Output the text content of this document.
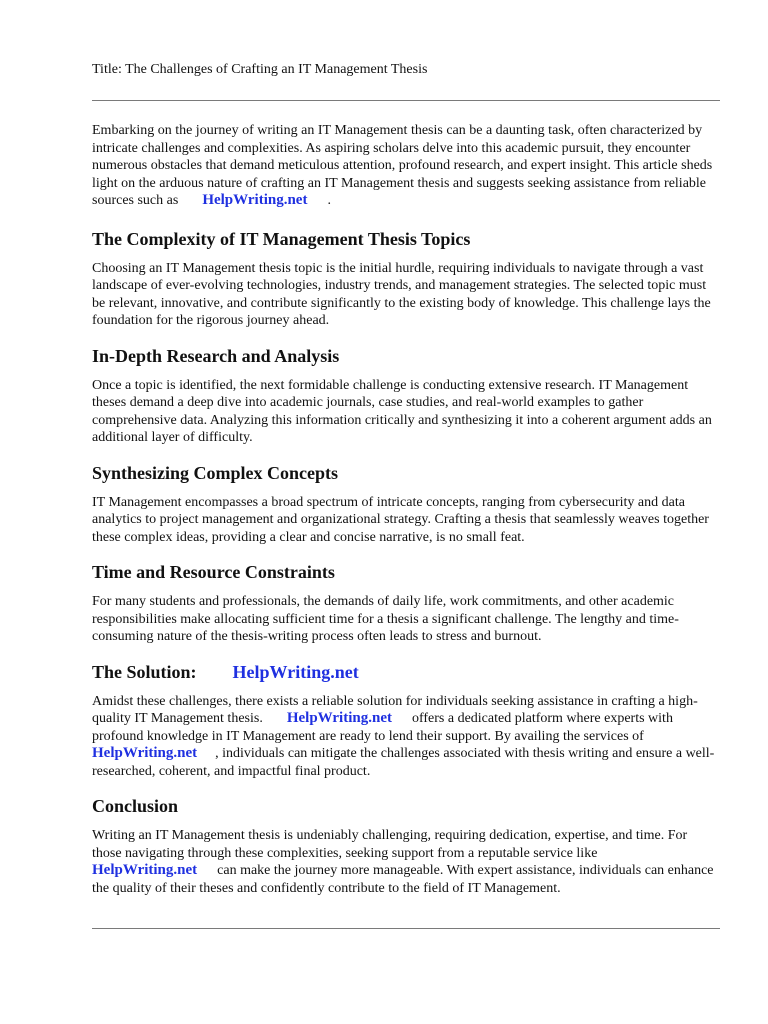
Title: The Challenges of Crafting an IT Management Thesis

Embarking on the journey of writing an IT Management thesis can be a daunting task, often characterized by intricate challenges and complexities. As aspiring scholars delve into this academic pursuit, they encounter numerous obstacles that demand meticulous attention, profound research, and expert insight. This article sheds light on the arduous nature of crafting an IT Management thesis and suggests seeking assistance from reliable sources such as HelpWriting.net .

The Complexity of IT Management Thesis Topics

Choosing an IT Management thesis topic is the initial hurdle, requiring individuals to navigate through a vast landscape of ever-evolving technologies, industry trends, and management strategies. The selected topic must be relevant, innovative, and contribute significantly to the existing body of knowledge. This challenge lays the foundation for the rigorous journey ahead.

In-Depth Research and Analysis

Once a topic is identified, the next formidable challenge is conducting extensive research. IT Management theses demand a deep dive into academic journals, case studies, and real-world examples to gather comprehensive data. Analyzing this information critically and synthesizing it into a coherent argument adds an additional layer of difficulty.

Synthesizing Complex Concepts

IT Management encompasses a broad spectrum of intricate concepts, ranging from cybersecurity and data analytics to project management and organizational strategy. Crafting a thesis that seamlessly weaves together these complex ideas, providing a clear and concise narrative, is no small feat.

Time and Resource Constraints

For many students and professionals, the demands of daily life, work commitments, and other academic responsibilities make allocating sufficient time for a thesis a significant challenge. The lengthy and time-consuming nature of the thesis-writing process often leads to stress and burnout.

The Solution: HelpWriting.net

Amidst these challenges, there exists a reliable solution for individuals seeking assistance in crafting a high-quality IT Management thesis. HelpWriting.net offers a dedicated platform where experts with profound knowledge in IT Management are ready to lend their support. By availing the services ofHelpWriting.net , individuals can mitigate the challenges associated with thesis writing and ensure a well-researched, coherent, and impactful final product.

Conclusion

Writing an IT Management thesis is undeniably challenging, requiring dedication, expertise, and time. For those navigating through these complexities, seeking support from a reputable service likeHelpWriting.net can make the journey more manageable. With expert assistance, individuals can enhance the quality of their theses and confidently contribute to the field of IT Management.
